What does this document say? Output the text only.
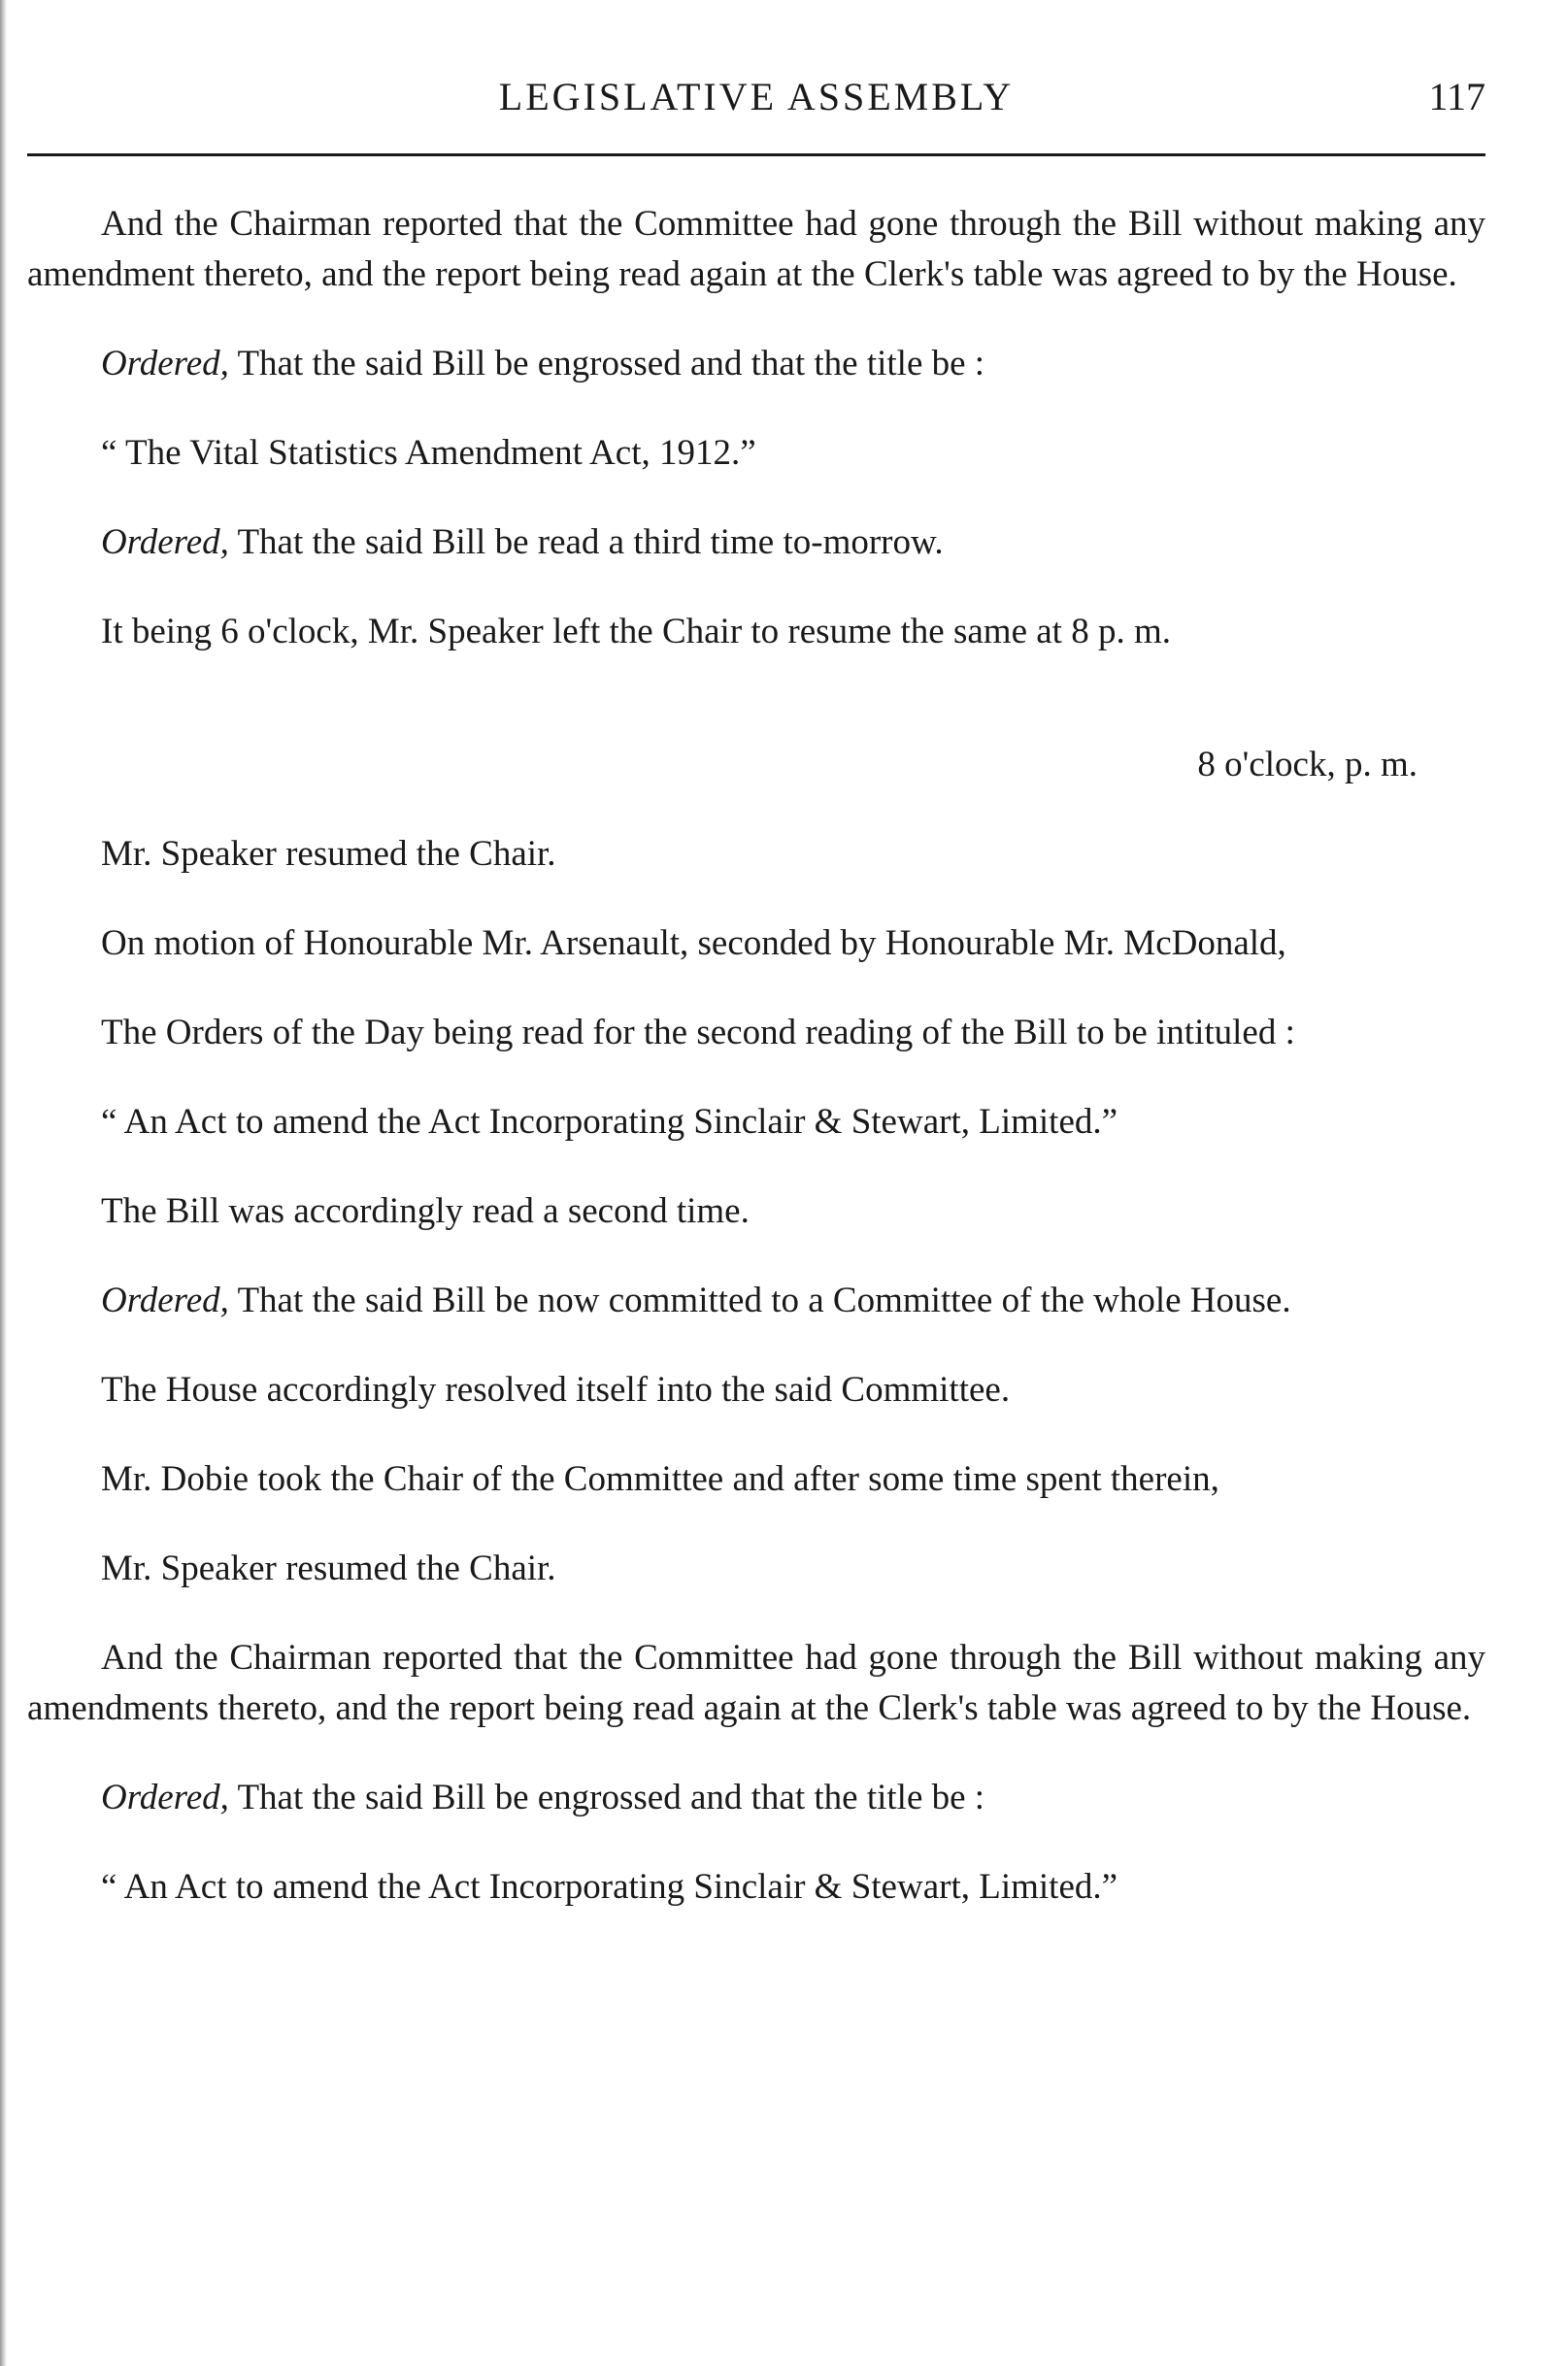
LEGISLATIVE ASSEMBLY	117

And the Chairman reported that the Committee had gone through the Bill without making any amendment thereto, and the report being read again at the Clerk's table was agreed to by the House.

Ordered, That the said Bill be engrossed and that the title be :

“ The Vital Statistics Amendment Act, 1912.”

Ordered, That the said Bill be read a third time to-morrow.

It being 6 o'clock, Mr. Speaker left the Chair to resume the same at 8 p. m.

8 o'clock, p. m.

Mr. Speaker resumed the Chair.

On motion of Honourable Mr. Arsenault, seconded by Honourable Mr. McDonald,

The Orders of the Day being read for the second reading of the Bill to be intituled :

“ An Act to amend the Act Incorporating Sinclair & Stewart, Limited.”

The Bill was accordingly read a second time.

Ordered, That the said Bill be now committed to a Committee of the whole House.

The House accordingly resolved itself into the said Committee.

Mr. Dobie took the Chair of the Committee and after some time spent therein,

Mr. Speaker resumed the Chair.

And the Chairman reported that the Committee had gone through the Bill without making any amendments thereto, and the report being read again at the Clerk's table was agreed to by the House.

Ordered, That the said Bill be engrossed and that the title be :

“ An Act to amend the Act Incorporating Sinclair & Stewart, Limited.”
